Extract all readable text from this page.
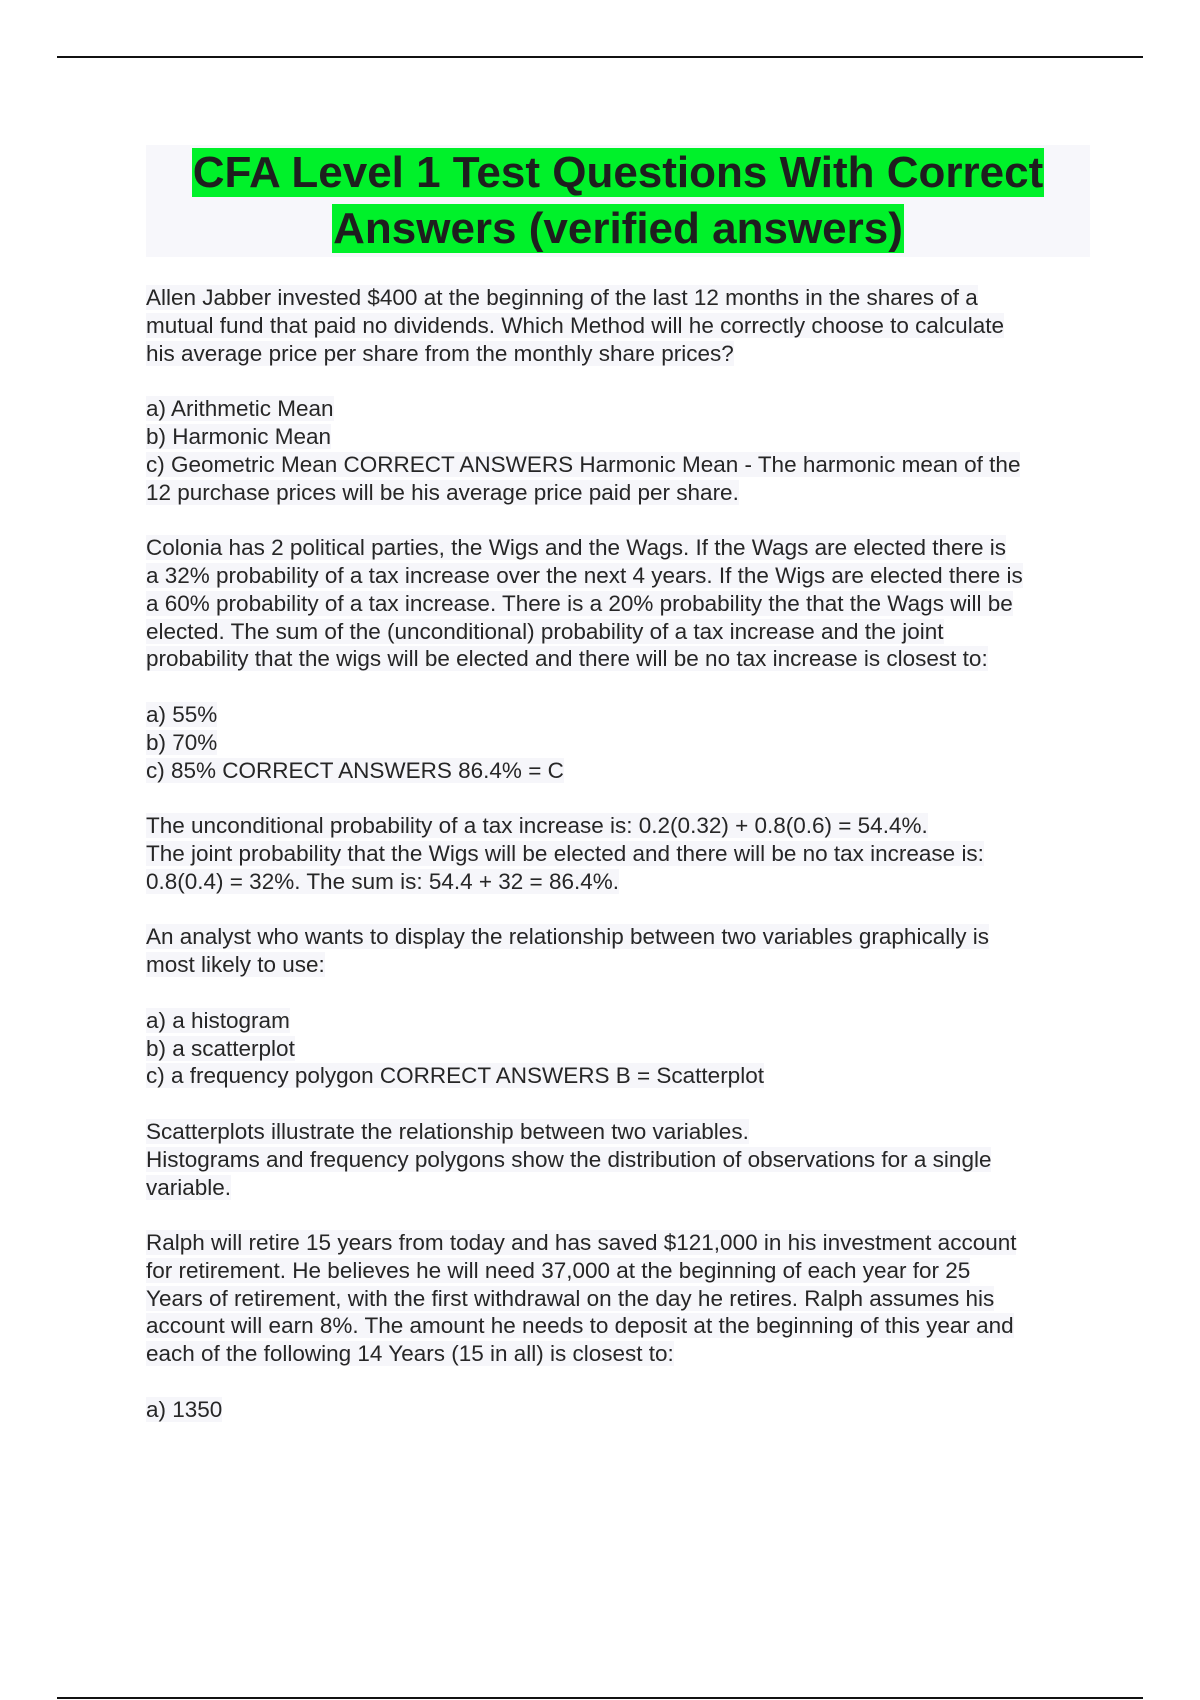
CFA Level 1 Test Questions With Correct
Answers (verified answers)

Allen Jabber invested $400 at the beginning of the last 12 months in the shares of a
mutual fund that paid no dividends. Which Method will he correctly choose to calculate
his average price per share from the monthly share prices?

a) Arithmetic Mean
b) Harmonic Mean
c) Geometric Mean CORRECT ANSWERS Harmonic Mean - The harmonic mean of the
12 purchase prices will be his average price paid per share.

Colonia has 2 political parties, the Wigs and the Wags. If the Wags are elected there is
a 32% probability of a tax increase over the next 4 years. If the Wigs are elected there is
a 60% probability of a tax increase. There is a 20% probability the that the Wags will be
elected. The sum of the (unconditional) probability of a tax increase and the joint
probability that the wigs will be elected and there will be no tax increase is closest to:

a) 55%
b) 70%
c) 85% CORRECT ANSWERS 86.4% = C

The unconditional probability of a tax increase is: 0.2(0.32) + 0.8(0.6) = 54.4%.
The joint probability that the Wigs will be elected and there will be no tax increase is:
0.8(0.4) = 32%. The sum is: 54.4 + 32 = 86.4%.

An analyst who wants to display the relationship between two variables graphically is
most likely to use:

a) a histogram
b) a scatterplot
c) a frequency polygon CORRECT ANSWERS B = Scatterplot

Scatterplots illustrate the relationship between two variables.
Histograms and frequency polygons show the distribution of observations for a single
variable.

Ralph will retire 15 years from today and has saved $121,000 in his investment account
for retirement. He believes he will need 37,000 at the beginning of each year for 25
Years of retirement, with the first withdrawal on the day he retires. Ralph assumes his
account will earn 8%. The amount he needs to deposit at the beginning of this year and
each of the following 14 Years (15 in all) is closest to:

a) 1350
